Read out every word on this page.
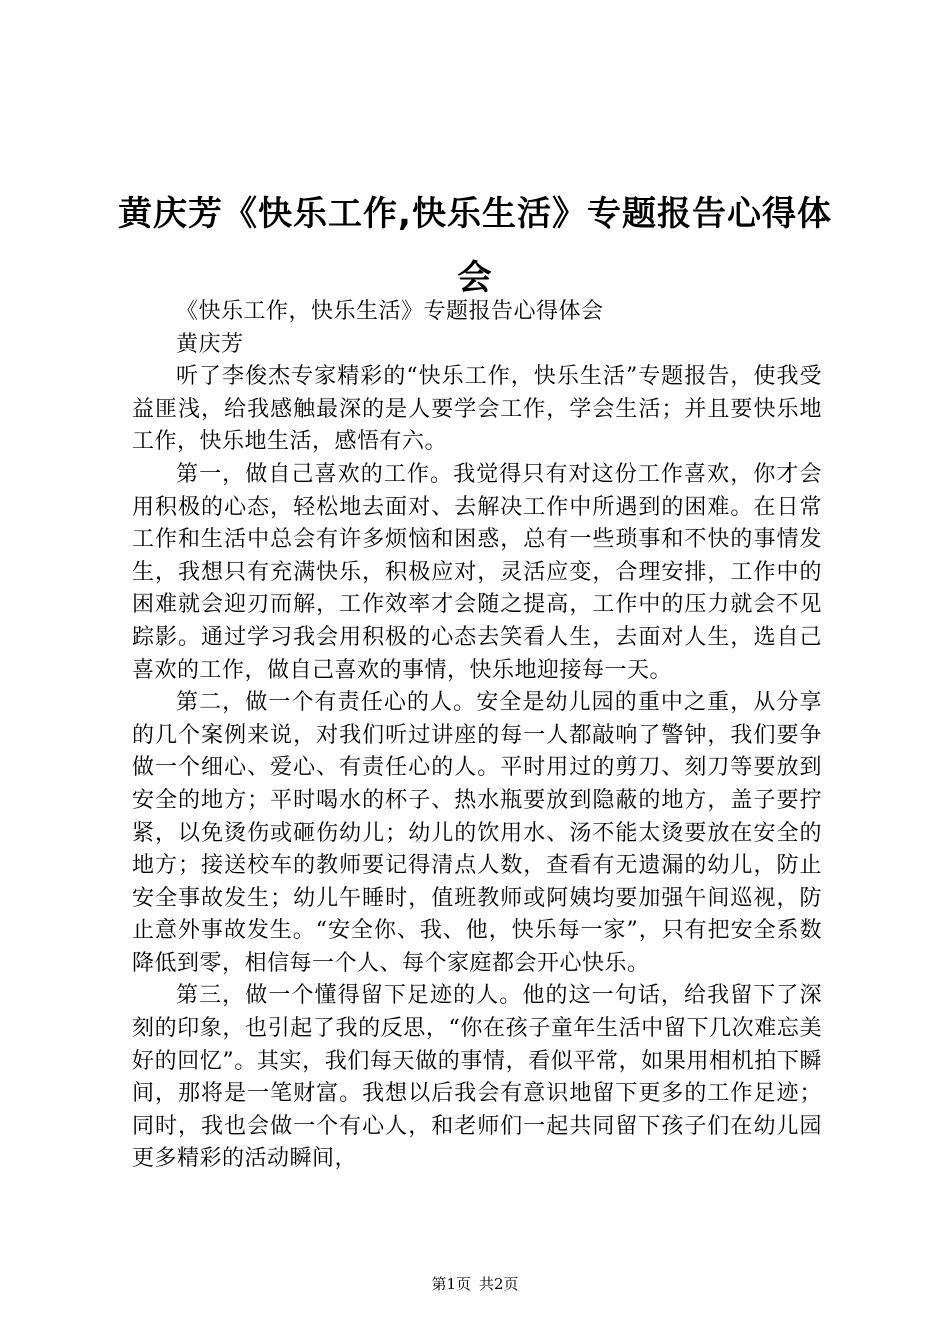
黄庆芳《快乐工作,快乐生活》专题报告心得体会

《快乐工作，快乐生活》专题报告心得体会

黄庆芳

听了李俊杰专家精彩的“快乐工作，快乐生活”专题报告，使我受益匪浅，给我感触最深的是人要学会工作，学会生活；并且要快乐地工作，快乐地生活，感悟有六。

第一，做自己喜欢的工作。我觉得只有对这份工作喜欢，你才会用积极的心态，轻松地去面对、去解决工作中所遇到的困难。在日常工作和生活中总会有许多烦恼和困惑，总有一些琐事和不快的事情发生，我想只有充满快乐，积极应对，灵活应变，合理安排，工作中的困难就会迎刃而解，工作效率才会随之提高，工作中的压力就会不见踪影。通过学习我会用积极的心态去笑看人生，去面对人生，选自己喜欢的工作，做自己喜欢的事情，快乐地迎接每一天。

第二，做一个有责任心的人。安全是幼儿园的重中之重，从分享的几个案例来说，对我们听过讲座的每一人都敲响了警钟，我们要争做一个细心、爱心、有责任心的人。平时用过的剪刀、刻刀等要放到安全的地方；平时喝水的杯子、热水瓶要放到隐蔽的地方，盖子要拧紧，以免烫伤或砸伤幼儿；幼儿的饮用水、汤不能太烫要放在安全的地方；接送校车的教师要记得清点人数，查看有无遗漏的幼儿，防止安全事故发生；幼儿午睡时，值班教师或阿姨均要加强午间巡视，防止意外事故发生。“安全你、我、他，快乐每一家”，只有把安全系数降低到零，相信每一个人、每个家庭都会开心快乐。

第三，做一个懂得留下足迹的人。他的这一句话，给我留下了深刻的印象，也引起了我的反思，“你在孩子童年生活中留下几次难忘美好的回忆”。其实，我们每天做的事情，看似平常，如果用相机拍下瞬间，那将是一笔财富。我想以后我会有意识地留下更多的工作足迹；同时，我也会做一个有心人，和老师们一起共同留下孩子们在幼儿园更多精彩的活动瞬间，

第1页 共2页
